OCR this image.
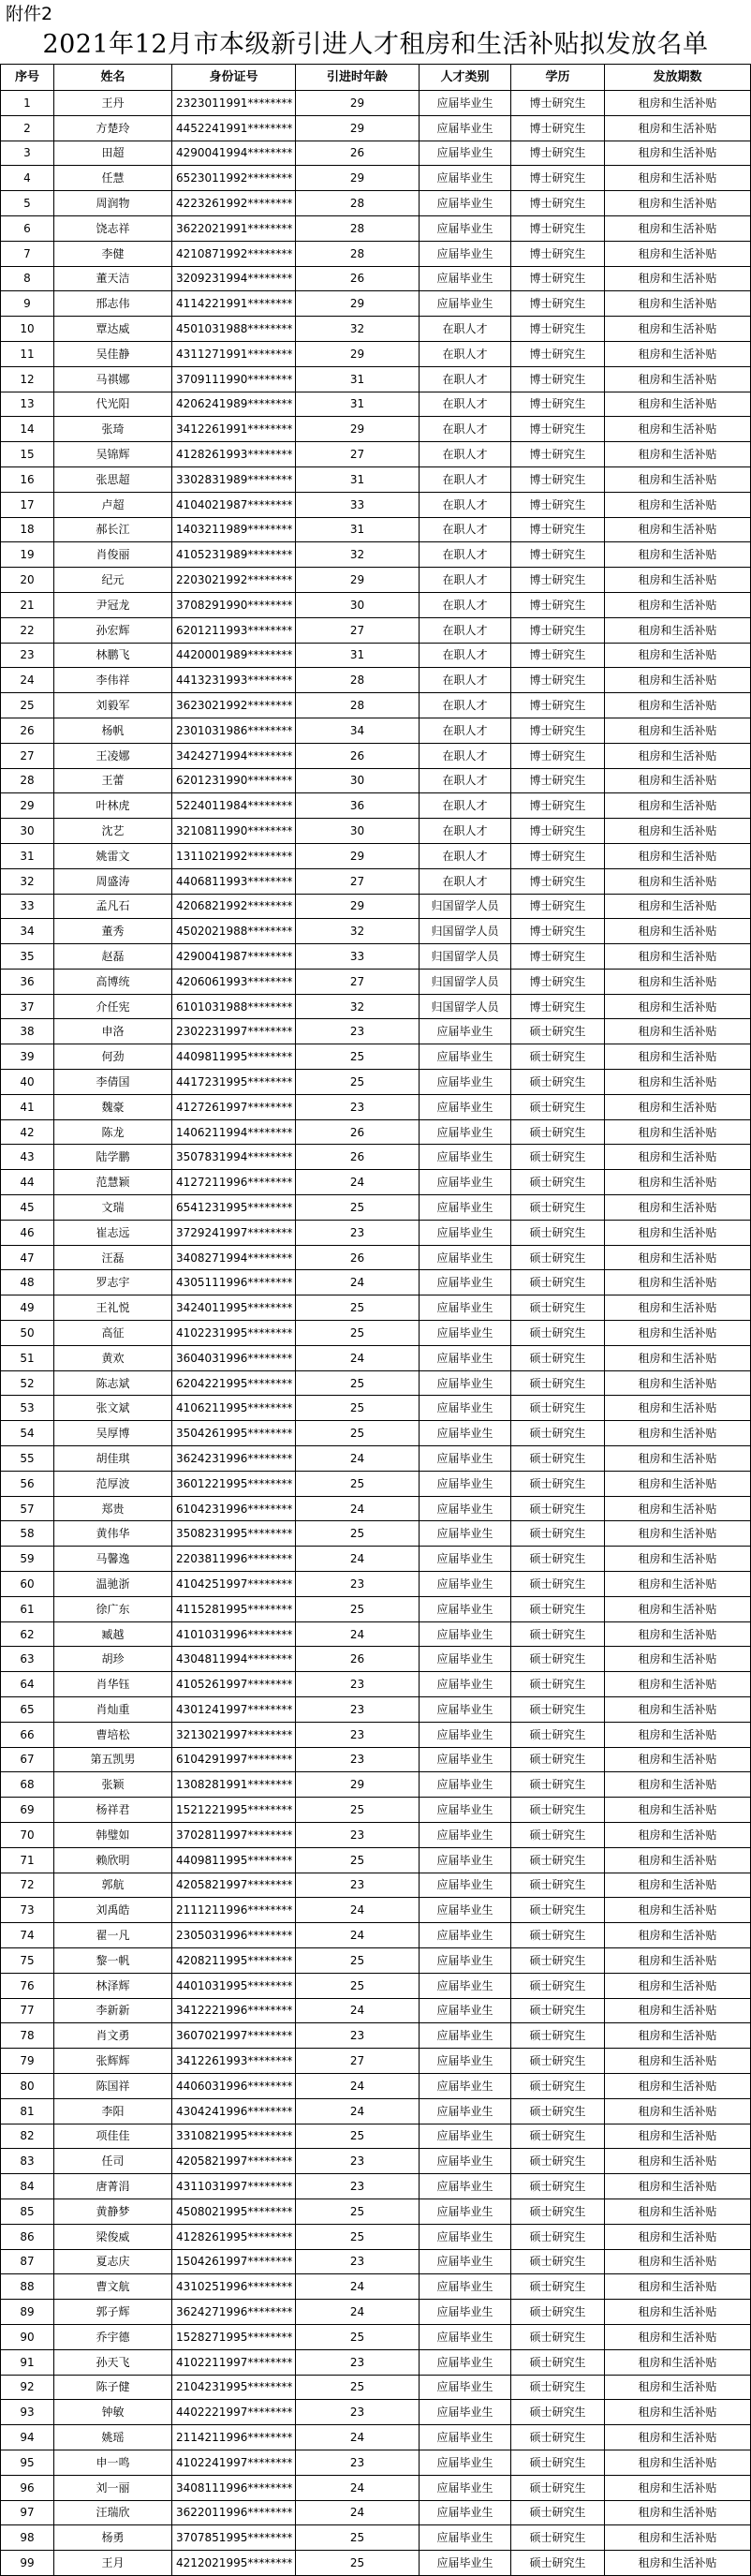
附件2
2021年12月市本级新引进人才租房和生活补贴拟发放名单
序号	姓名	身份证号	引进时年龄	人才类别	学历	发放期数
1	王丹	2323011991********	29	应届毕业生	博士研究生	租房和生活补贴
2	方楚玲	4452241991********	29	应届毕业生	博士研究生	租房和生活补贴
3	田超	4290041994********	26	应届毕业生	博士研究生	租房和生活补贴
4	任慧	6523011992********	29	应届毕业生	博士研究生	租房和生活补贴
5	周润物	4223261992********	28	应届毕业生	博士研究生	租房和生活补贴
6	饶志祥	3622021991********	28	应届毕业生	博士研究生	租房和生活补贴
7	李健	4210871992********	28	应届毕业生	博士研究生	租房和生活补贴
8	董天洁	3209231994********	26	应届毕业生	博士研究生	租房和生活补贴
9	邢志伟	4114221991********	29	应届毕业生	博士研究生	租房和生活补贴
10	覃达威	4501031988********	32	在职人才	博士研究生	租房和生活补贴
11	吴佳静	4311271991********	29	在职人才	博士研究生	租房和生活补贴
12	马祺娜	3709111990********	31	在职人才	博士研究生	租房和生活补贴
13	代光阳	4206241989********	31	在职人才	博士研究生	租房和生活补贴
14	张琦	3412261991********	29	在职人才	博士研究生	租房和生活补贴
15	吴锦辉	4128261993********	27	在职人才	博士研究生	租房和生活补贴
16	张思超	3302831989********	31	在职人才	博士研究生	租房和生活补贴
17	卢超	4104021987********	33	在职人才	博士研究生	租房和生活补贴
18	郝长江	1403211989********	31	在职人才	博士研究生	租房和生活补贴
19	肖俊丽	4105231989********	32	在职人才	博士研究生	租房和生活补贴
20	纪元	2203021992********	29	在职人才	博士研究生	租房和生活补贴
21	尹冠龙	3708291990********	30	在职人才	博士研究生	租房和生活补贴
22	孙宏辉	6201211993********	27	在职人才	博士研究生	租房和生活补贴
23	林鹏飞	4420001989********	31	在职人才	博士研究生	租房和生活补贴
24	李伟祥	4413231993********	28	在职人才	博士研究生	租房和生活补贴
25	刘毅军	3623021992********	28	在职人才	博士研究生	租房和生活补贴
26	杨帆	2301031986********	34	在职人才	博士研究生	租房和生活补贴
27	王凌娜	3424271994********	26	在职人才	博士研究生	租房和生活补贴
28	王蕾	6201231990********	30	在职人才	博士研究生	租房和生活补贴
29	叶林虎	5224011984********	36	在职人才	博士研究生	租房和生活补贴
30	沈艺	3210811990********	30	在职人才	博士研究生	租房和生活补贴
31	姚雷文	1311021992********	29	在职人才	博士研究生	租房和生活补贴
32	周盛涛	4406811993********	27	在职人才	博士研究生	租房和生活补贴
33	孟凡石	4206821992********	29	归国留学人员	博士研究生	租房和生活补贴
34	董秀	4502021988********	32	归国留学人员	博士研究生	租房和生活补贴
35	赵磊	4290041987********	33	归国留学人员	博士研究生	租房和生活补贴
36	高博统	4206061993********	27	归国留学人员	博士研究生	租房和生活补贴
37	介任宪	6101031988********	32	归国留学人员	博士研究生	租房和生活补贴
38	申洛	2302231997********	23	应届毕业生	硕士研究生	租房和生活补贴
39	何劲	4409811995********	25	应届毕业生	硕士研究生	租房和生活补贴
40	李倩国	4417231995********	25	应届毕业生	硕士研究生	租房和生活补贴
41	魏豪	4127261997********	23	应届毕业生	硕士研究生	租房和生活补贴
42	陈龙	1406211994********	26	应届毕业生	硕士研究生	租房和生活补贴
43	陆学鹏	3507831994********	26	应届毕业生	硕士研究生	租房和生活补贴
44	范慧颖	4127211996********	24	应届毕业生	硕士研究生	租房和生活补贴
45	文瑞	6541231995********	25	应届毕业生	硕士研究生	租房和生活补贴
46	崔志远	3729241997********	23	应届毕业生	硕士研究生	租房和生活补贴
47	汪磊	3408271994********	26	应届毕业生	硕士研究生	租房和生活补贴
48	罗志宇	4305111996********	24	应届毕业生	硕士研究生	租房和生活补贴
49	王礼悦	3424011995********	25	应届毕业生	硕士研究生	租房和生活补贴
50	高征	4102231995********	25	应届毕业生	硕士研究生	租房和生活补贴
51	黄欢	3604031996********	24	应届毕业生	硕士研究生	租房和生活补贴
52	陈志斌	6204221995********	25	应届毕业生	硕士研究生	租房和生活补贴
53	张文斌	4106211995********	25	应届毕业生	硕士研究生	租房和生活补贴
54	吴厚博	3504261995********	25	应届毕业生	硕士研究生	租房和生活补贴
55	胡佳琪	3624231996********	24	应届毕业生	硕士研究生	租房和生活补贴
56	范厚波	3601221995********	25	应届毕业生	硕士研究生	租房和生活补贴
57	郑贵	6104231996********	24	应届毕业生	硕士研究生	租房和生活补贴
58	黄伟华	3508231995********	25	应届毕业生	硕士研究生	租房和生活补贴
59	马馨逸	2203811996********	24	应届毕业生	硕士研究生	租房和生活补贴
60	温驰浙	4104251997********	23	应届毕业生	硕士研究生	租房和生活补贴
61	徐广东	4115281995********	25	应届毕业生	硕士研究生	租房和生活补贴
62	臧越	4101031996********	24	应届毕业生	硕士研究生	租房和生活补贴
63	胡珍	4304811994********	26	应届毕业生	硕士研究生	租房和生活补贴
64	肖华钰	4105261997********	23	应届毕业生	硕士研究生	租房和生活补贴
65	肖灿重	4301241997********	23	应届毕业生	硕士研究生	租房和生活补贴
66	曹培松	3213021997********	23	应届毕业生	硕士研究生	租房和生活补贴
67	第五凯男	6104291997********	23	应届毕业生	硕士研究生	租房和生活补贴
68	张颖	1308281991********	29	应届毕业生	硕士研究生	租房和生活补贴
69	杨祥君	1521221995********	25	应届毕业生	硕士研究生	租房和生活补贴
70	韩璧如	3702811997********	23	应届毕业生	硕士研究生	租房和生活补贴
71	赖欣明	4409811995********	25	应届毕业生	硕士研究生	租房和生活补贴
72	郭航	4205821997********	23	应届毕业生	硕士研究生	租房和生活补贴
73	刘禹皓	2111211996********	24	应届毕业生	硕士研究生	租房和生活补贴
74	翟一凡	2305031996********	24	应届毕业生	硕士研究生	租房和生活补贴
75	黎一帆	4208211995********	25	应届毕业生	硕士研究生	租房和生活补贴
76	林泽辉	4401031995********	25	应届毕业生	硕士研究生	租房和生活补贴
77	李新新	3412221996********	24	应届毕业生	硕士研究生	租房和生活补贴
78	肖文勇	3607021997********	23	应届毕业生	硕士研究生	租房和生活补贴
79	张辉辉	3412261993********	27	应届毕业生	硕士研究生	租房和生活补贴
80	陈国祥	4406031996********	24	应届毕业生	硕士研究生	租房和生活补贴
81	李阳	4304241996********	24	应届毕业生	硕士研究生	租房和生活补贴
82	项佳佳	3310821995********	25	应届毕业生	硕士研究生	租房和生活补贴
83	任司	4205821997********	23	应届毕业生	硕士研究生	租房和生活补贴
84	唐菁涓	4311031997********	23	应届毕业生	硕士研究生	租房和生活补贴
85	黄静梦	4508021995********	25	应届毕业生	硕士研究生	租房和生活补贴
86	梁俊威	4128261995********	25	应届毕业生	硕士研究生	租房和生活补贴
87	夏志庆	1504261997********	23	应届毕业生	硕士研究生	租房和生活补贴
88	曹文航	4310251996********	24	应届毕业生	硕士研究生	租房和生活补贴
89	郭子辉	3624271996********	24	应届毕业生	硕士研究生	租房和生活补贴
90	乔宇德	1528271995********	25	应届毕业生	硕士研究生	租房和生活补贴
91	孙天飞	4102211997********	23	应届毕业生	硕士研究生	租房和生活补贴
92	陈子健	2104231995********	25	应届毕业生	硕士研究生	租房和生活补贴
93	钟敏	4402221997********	23	应届毕业生	硕士研究生	租房和生活补贴
94	姚瑶	2114211996********	24	应届毕业生	硕士研究生	租房和生活补贴
95	申一鸣	4102241997********	23	应届毕业生	硕士研究生	租房和生活补贴
96	刘一丽	3408111996********	24	应届毕业生	硕士研究生	租房和生活补贴
97	汪瑞欣	3622011996********	24	应届毕业生	硕士研究生	租房和生活补贴
98	杨勇	3707851995********	25	应届毕业生	硕士研究生	租房和生活补贴
99	王月	4212021995********	25	应届毕业生	硕士研究生	租房和生活补贴
